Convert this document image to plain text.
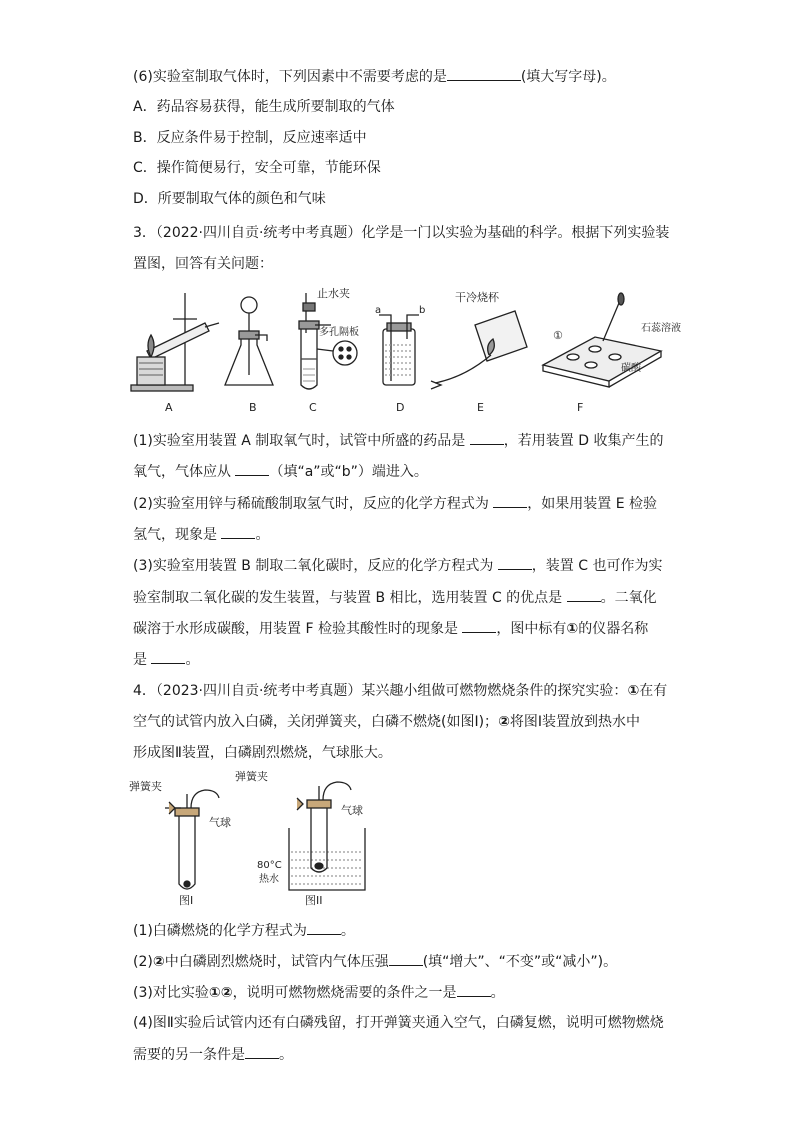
(6)实验室制取气体时，下列因素中不需要考虑的是	(填大写字母)。
A．药品容易获得，能生成所要制取的气体
B．反应条件易于控制，反应速率适中
C．操作简便易行，安全可靠，节能环保
D．所要制取气体的颜色和气味
3．（2022·四川自贡·统考中考真题）化学是一门以实验为基础的科学。根据下列实验装
置图，回答有关问题：
止水夹
多孔隔板
a	b
干冷烧杯
①
石蕊溶液
碳酸
A	B	C	D	E	F
(1)实验室用装置 A 制取氧气时，试管中所盛的药品是 ，若用装置 D 收集产生的
氧气，气体应从 （填“a”或“b”）端进入。
(2)实验室用锌与稀硫酸制取氢气时，反应的化学方程式为 ，如果用装置 E 检验
氢气，现象是 。
(3)实验室用装置 B 制取二氧化碳时，反应的化学方程式为 ，装置 C 也可作为实
验室制取二氧化碳的发生装置，与装置 B 相比，选用装置 C 的优点是 。二氧化
碳溶于水形成碳酸，用装置 F 检验其酸性时的现象是 ，图中标有①的仪器名称
是 。
4．（2023·四川自贡·统考中考真题）某兴趣小组做可燃物燃烧条件的探究实验：①在有
空气的试管内放入白磷，关闭弹簧夹，白磷不燃烧(如图Ⅰ)；②将图Ⅰ装置放到热水中
形成图Ⅱ装置，白磷剧烈燃烧，气球胀大。
弹簧夹
气球
图I
弹簧夹
气球
80°C
热水
图II
(1)白磷燃烧的化学方程式为 。
(2)②中白磷剧烈燃烧时，试管内气体压强 (填“增大”、“不变”或“减小”)。
(3)对比实验①②，说明可燃物燃烧需要的条件之一是 。
(4)图Ⅱ实验后试管内还有白磷残留，打开弹簧夹通入空气，白磷复燃，说明可燃物燃烧
需要的另一条件是 。
